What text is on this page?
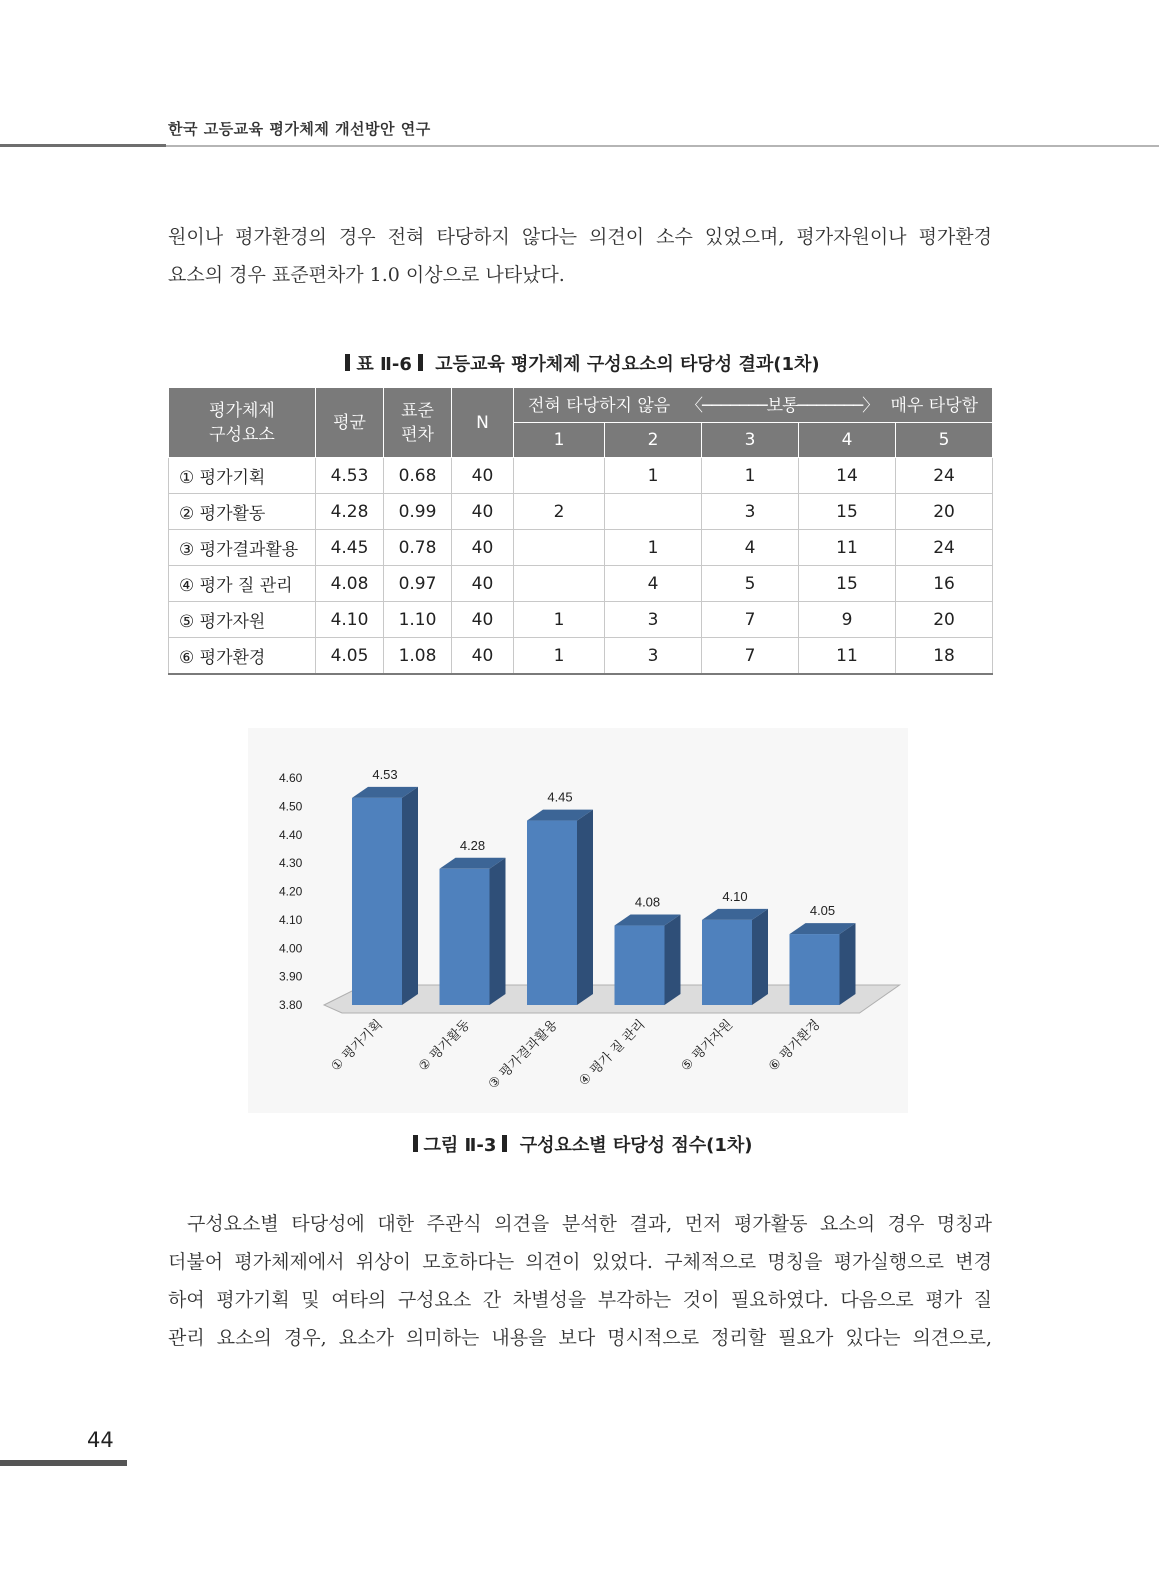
한국 고등교육 평가체제 개선방안 연구
원이나 평가환경의 경우 전혀 타당하지 않다는 의견이 소수 있었으며, 평가자원이나 평가환경
요소의 경우 표준편차가 1.0 이상으로 나타났다.
표 Ⅱ-6 고등교육 평가체제 구성요소의 타당성 결과(1차)
평가체제 구성요소	평균	표준 편차	N	전혀 타당하지 않음 〈───────보통───────〉 매우 타당함				

				1	2	3	4	5
① 평가기획	4.53	0.68	40		1	1	14	24
② 평가활동	4.28	0.99	40	2		3	15	20
③ 평가결과활용	4.45	0.78	40		1	4	11	24
④ 평가 질 관리	4.08	0.97	40		4	5	15	16
⑤ 평가자원	4.10	1.10	40	1	3	7	9	20
⑥ 평가환경	4.05	1.08	40	1	3	7	11	18
4.60
4.50
4.40
4.30
4.20
4.10
4.00
3.90
3.80
4.53
① 평가기획
4.28
② 평가활동
4.45
③ 평가결과활용
4.08
④ 평가 질 관리
4.10
⑤ 평가자원
4.05
⑥ 평가환경
그림 Ⅱ-3 구성요소별 타당성 점수(1차)
구성요소별 타당성에 대한 주관식 의견을 분석한 결과, 먼저 평가활동 요소의 경우 명칭과
더불어 평가체제에서 위상이 모호하다는 의견이 있었다. 구체적으로 명칭을 평가실행으로 변경
하여 평가기획 및 여타의 구성요소 간 차별성을 부각하는 것이 필요하였다. 다음으로 평가 질
관리 요소의 경우, 요소가 의미하는 내용을 보다 명시적으로 정리할 필요가 있다는 의견으로,
44
